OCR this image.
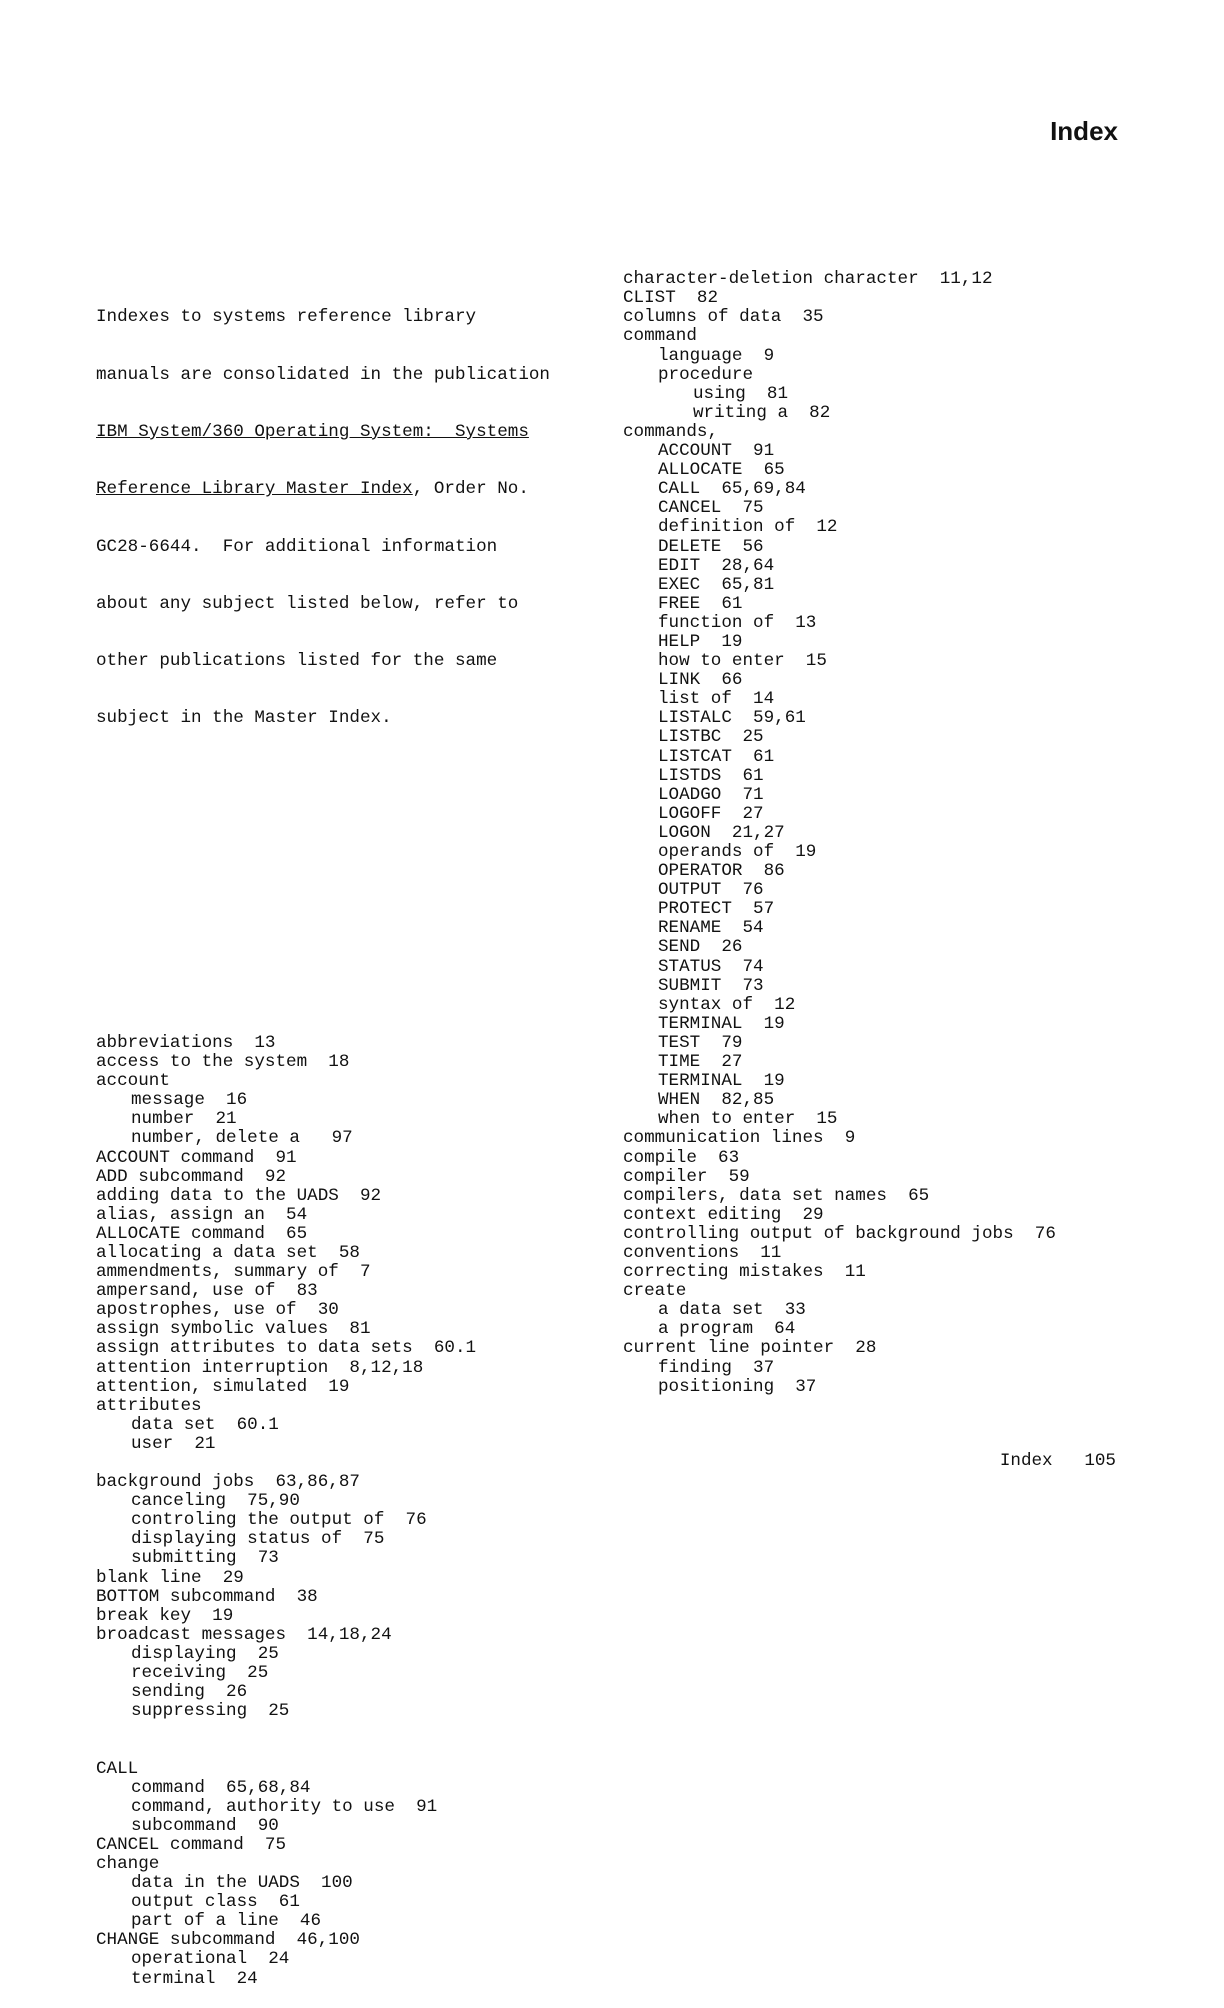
Index

Indexes to systems reference library

manuals are consolidated in the publication

IBM System/360 Operating System:  Systems

Reference Library Master Index, Order No.

GC28-6644.  For additional information

about any subject listed below, refer to

other publications listed for the same

subject in the Master Index.

abbreviations  13
access to the system  18
account
message  16
number  21
number, delete a   97
ACCOUNT command  91
ADD subcommand  92
adding data to the UADS  92
alias, assign an  54
ALLOCATE command  65
allocating a data set  58
ammendments, summary of  7
ampersand, use of  83
apostrophes, use of  30
assign symbolic values  81
assign attributes to data sets  60.1
attention interruption  8,12,18
attention, simulated  19
attributes
data set  60.1
user  21
background jobs  63,86,87
canceling  75,90
controling the output of  76
displaying status of  75
submitting  73
blank line  29
BOTTOM subcommand  38
break key  19
broadcast messages  14,18,24
displaying  25
receiving  25
sending  26
suppressing  25
CALL
command  65,68,84
command, authority to use  91
subcommand  90
CANCEL command  75
change
data in the UADS  100
output class  61
part of a line  46
CHANGE subcommand  46,100
operational  24
terminal  24

character-deletion character  11,12
CLIST  82
columns of data  35
command
language  9
procedure
using  81
writing a  82
commands,
ACCOUNT  91
ALLOCATE  65
CALL  65,69,84
CANCEL  75
definition of  12
DELETE  56
EDIT  28,64
EXEC  65,81
FREE  61
function of  13
HELP  19
how to enter  15
LINK  66
list of  14
LISTALC  59,61
LISTBC  25
LISTCAT  61
LISTDS  61
LOADGO  71
LOGOFF  27
LOGON  21,27
operands of  19
OPERATOR  86
OUTPUT  76
PROTECT  57
RENAME  54
SEND  26
STATUS  74
SUBMIT  73
syntax of  12
TERMINAL  19
TEST  79
TIME  27
TERMINAL  19
WHEN  82,85
when to enter  15
communication lines  9
compile  63
compiler  59
compilers, data set names  65
context editing  29
controlling output of background jobs  76
conventions  11
correcting mistakes  11
create
a data set  33
a program  64
current line pointer  28
finding  37
positioning  37

Index 105
